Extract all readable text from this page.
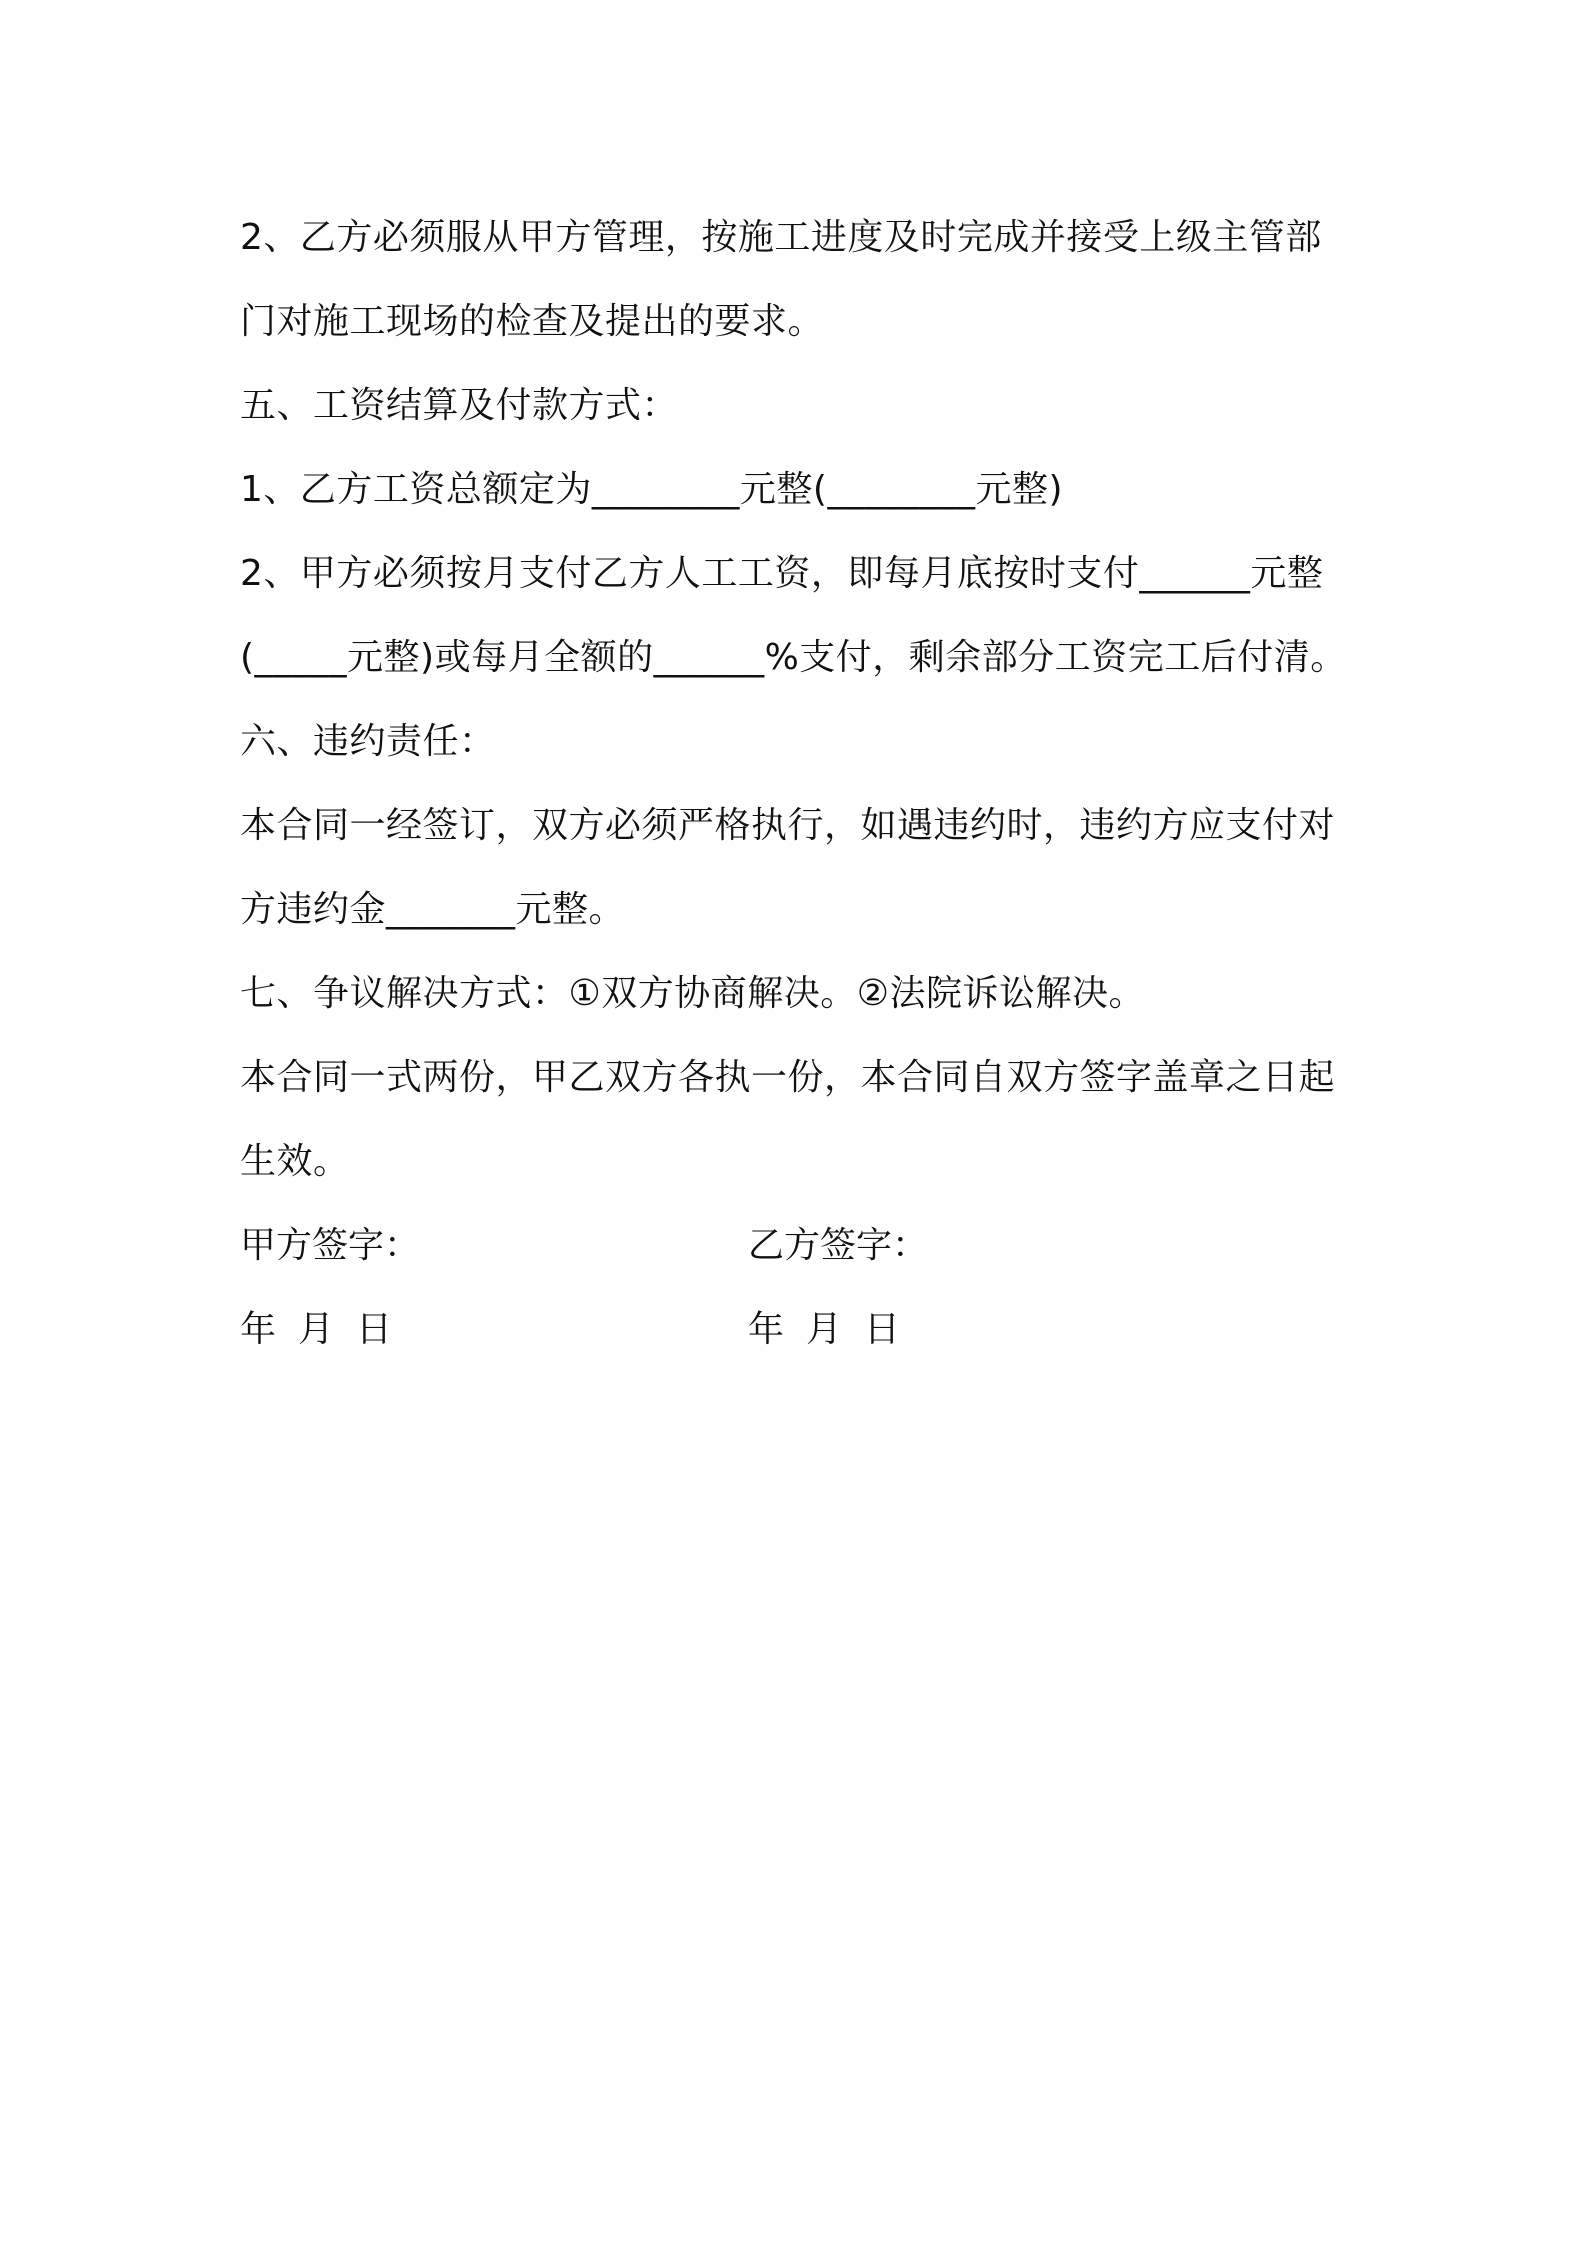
2、乙方必须服从甲方管理，按施工进度及时完成并接受上级主管部
门对施工现场的检查及提出的要求。
五、工资结算及付款方式：
1、乙方工资总额定为________元整(________元整)
2、甲方必须按月支付乙方人工工资，即每月底按时支付______元整
(_____元整)或每月全额的______%支付，剩余部分工资完工后付清。
六、违约责任：
本合同一经签订，双方必须严格执行，如遇违约时，违约方应支付对
方违约金_______元整。
七、争议解决方式：①双方协商解决。②法院诉讼解决。
本合同一式两份，甲乙双方各执一份，本合同自双方签字盖章之日起
生效。
甲方签字：	乙方签字：
年 月 日	年 月 日
